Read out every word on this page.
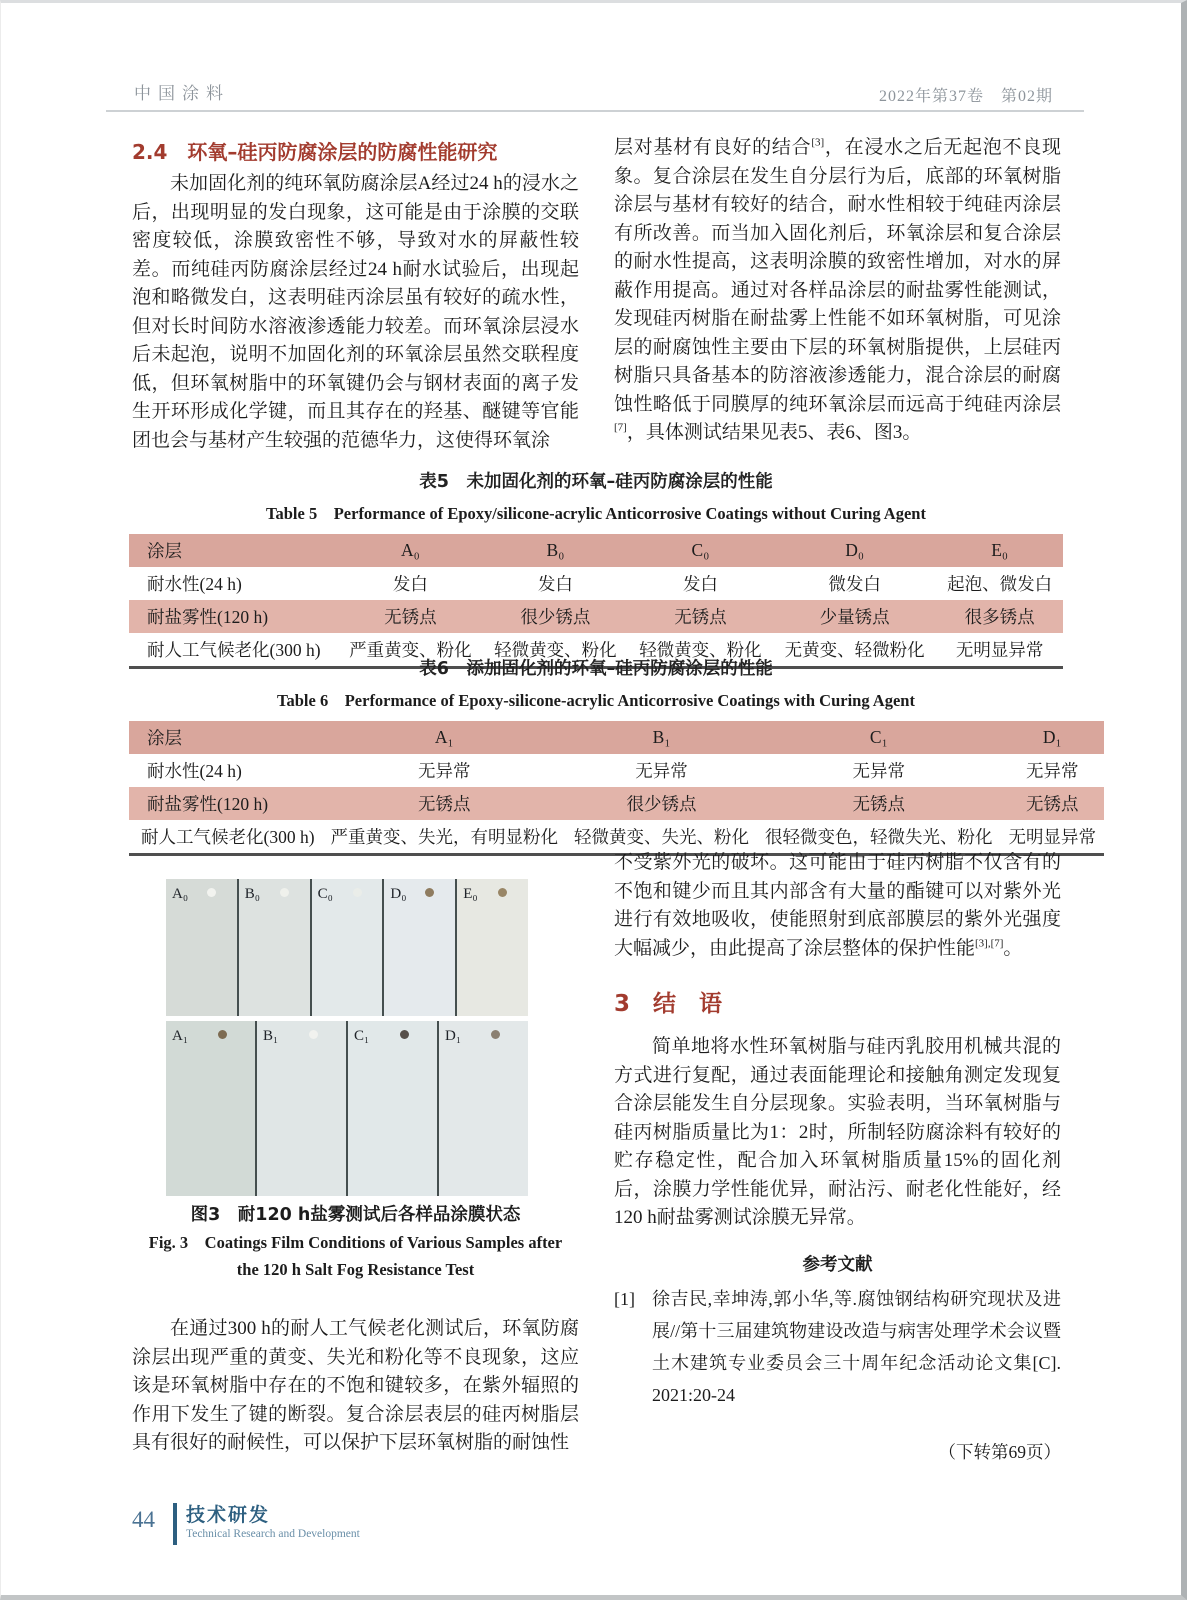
中国涂料	2022年第37卷　第02期
2.4　环氧–硅丙防腐涂层的防腐性能研究

未加固化剂的纯环氧防腐涂层A经过24 h的浸水之后，出现明显的发白现象，这可能是由于涂膜的交联密度较低，涂膜致密性不够，导致对水的屏蔽性较差。而纯硅丙防腐涂层经过24 h耐水试验后，出现起泡和略微发白，这表明硅丙涂层虽有较好的疏水性，但对长时间防水溶液渗透能力较差。而环氧涂层浸水后未起泡，说明不加固化剂的环氧涂层虽然交联程度低，但环氧树脂中的环氧键仍会与钢材表面的离子发生开环形成化学键，而且其存在的羟基、醚键等官能团也会与基材产生较强的范德华力，这使得环氧涂

层对基材有良好的结合[3]，在浸水之后无起泡不良现象。复合涂层在发生自分层行为后，底部的环氧树脂涂层与基材有较好的结合，耐水性相较于纯硅丙涂层有所改善。而当加入固化剂后，环氧涂层和复合涂层的耐水性提高，这表明涂膜的致密性增加，对水的屏蔽作用提高。通过对各样品涂层的耐盐雾性能测试，发现硅丙树脂在耐盐雾上性能不如环氧树脂，可见涂层的耐腐蚀性主要由下层的环氧树脂提供，上层硅丙树脂只具备基本的防溶液渗透能力，混合涂层的耐腐蚀性略低于同膜厚的纯环氧涂层而远高于纯硅丙涂层[7]，具体测试结果见表5、表6、图3。

表5　未加固化剂的环氧–硅丙防腐涂层的性能
Table 5　Performance of Epoxy/silicone-acrylic Anticorrosive Coatings without Curing Agent
涂层	A₀	B₀	C₀	D₀	E₀
耐水性(24 h)	发白	发白	发白	微发白	起泡、微发白
耐盐雾性(120 h)	无锈点	很少锈点	无锈点	少量锈点	很多锈点
耐人工气候老化(300 h)	严重黄变、粉化	轻微黄变、粉化	轻微黄变、粉化	无黄变、轻微粉化	无明显异常
表6　添加固化剂的环氧–硅丙防腐涂层的性能
Table 6　Performance of Epoxy-silicone-acrylic Anticorrosive Coatings with Curing Agent
涂层	A₁	B₁	C₁	D₁
耐水性(24 h)	无异常	无异常	无异常	无异常
耐盐雾性(120 h)	无锈点	很少锈点	无锈点	无锈点
耐人工气候老化(300 h)	严重黄变、失光，有明显粉化	轻微黄变、失光、粉化	很轻微变色，轻微失光、粉化	无明显异常
A₀	B₀	C₀	D₀	E₀
A₁	B₁	C₁	D₁
图3　耐120 h盐雾测试后各样品涂膜状态
Fig. 3　Coatings Film Conditions of Various Samples after
the 120 h Salt Fog Resistance Test

在通过300 h的耐人工气候老化测试后，环氧防腐涂层出现严重的黄变、失光和粉化等不良现象，这应该是环氧树脂中存在的不饱和键较多，在紫外辐照的作用下发生了键的断裂。复合涂层表层的硅丙树脂层具有很好的耐候性，可以保护下层环氧树脂的耐蚀性

不受紫外光的破坏。这可能由于硅丙树脂不仅含有的不饱和键少而且其内部含有大量的酯键可以对紫外光进行有效地吸收，使能照射到底部膜层的紫外光强度大幅减少，由此提高了涂层整体的保护性能[3],[7]。

3　结　语

简单地将水性环氧树脂与硅丙乳胶用机械共混的方式进行复配，通过表面能理论和接触角测定发现复合涂层能发生自分层现象。实验表明，当环氧树脂与硅丙树脂质量比为1：2时，所制轻防腐涂料有较好的贮存稳定性，配合加入环氧树脂质量15%的固化剂后，涂膜力学性能优异，耐沾污、耐老化性能好，经120 h耐盐雾测试涂膜无异常。

参考文献
[1] 徐吉民,幸坤涛,郭小华,等.腐蚀钢结构研究现状及进展//第十三届建筑物建设改造与病害处理学术会议暨土木建筑专业委员会三十周年纪念活动论文集[C]. 2021:20-24
（下转第69页）
44 技术研发
Technical Research and Development
